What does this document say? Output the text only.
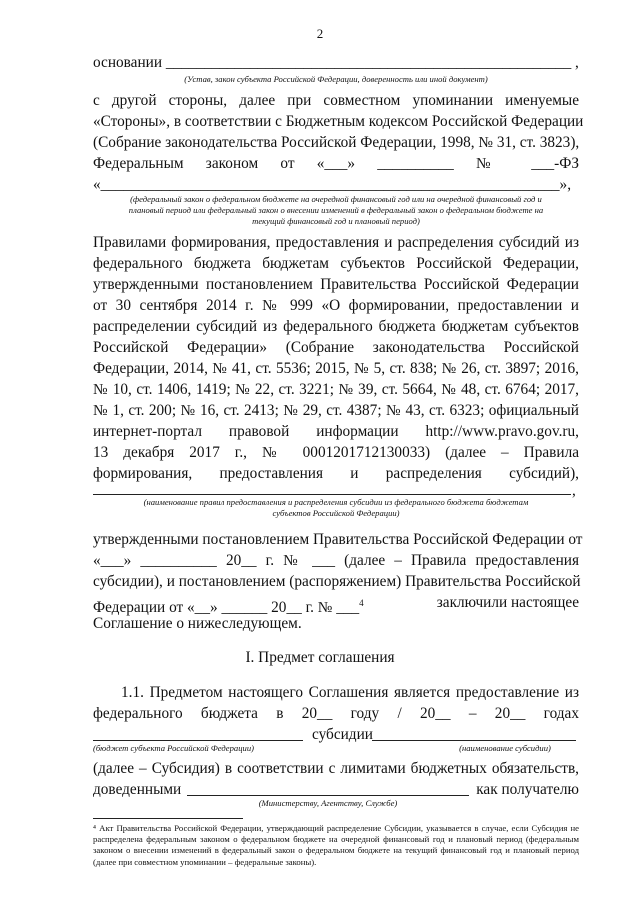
2
основании _____________________________________________________ ,
(Устав, закон субъекта Российской Федерации, доверенность или иной документ)
с другой стороны, далее при совместном упоминании именуемые
«Стороны», в соответствии с Бюджетным кодексом Российской Федерации
(Собрание законодательства Российской Федерации, 1998, № 31, ст. 3823),
Федеральным законом от «___» __________ № ___-ФЗ
«____________________________________________________________»,
(федеральный закон о федеральном бюджете на очередной финансовый год или на очередной финансовый год и
плановый период или федеральный закон о внесении изменений в федеральный закон о федеральном бюджете на
текущий финансовый год и плановый период)
Правилами формирования, предоставления и распределения субсидий из
федерального бюджета бюджетам субъектов Российской Федерации,
утвержденными постановлением Правительства Российской Федерации
от 30 сентября 2014 г. № 999 «О формировании, предоставлении и
распределении субсидий из федерального бюджета бюджетам субъектов
Российской Федерации» (Собрание законодательства Российской
Федерации, 2014, № 41, ст. 5536; 2015, № 5, ст. 838; № 26, ст. 3897; 2016,
№ 10, ст. 1406, 1419; № 22, ст. 3221; № 39, ст. 5664, № 48, ст. 6764; 2017,
№ 1, ст. 200; № 16, ст. 2413; № 29, ст. 4387; № 43, ст. 6323; официальный
интернет-портал правовой информации http://www.pravo.gov.ru,
13 декабря 2017 г., № 0001201712130033) (далее – Правила
формирования, предоставления и распределения субсидий),
,
(наименование правил предоставления и распределения субсидии из федерального бюджета бюджетам
субъектов Российской Федерации)
утвержденными постановлением Правительства Российской Федерации от
«___» __________ 20__ г. № ___ (далее – Правила предоставления
субсидии), и постановлением (распоряжением) Правительства Российской
Федерации от «__» ______ 20__ г. № ___$^4$	заключили настоящее
Соглашение о нижеследующем.
I. Предмет соглашения
1.1. Предметом настоящего Соглашения является предоставление из
федерального бюджета в 20__ году / 20__ – 20__ годах
субсидии
(бюджет субъекта Российской Федерации)	(наименование субсидии)
(далее – Субсидия) в соответствии с лимитами бюджетных обязательств,
доведенными	как получателю
(Министерству, Агентству, Службе)
⁴ Акт Правительства Российской Федерации, утверждающий распределение Субсидии, указывается в случае, если Субсидия не распределена федеральным законом о федеральном бюджете на очередной финансовый год и плановый период (федеральным законом о внесении изменений в федеральный закон о федеральном бюджете на текущий финансовый год и плановый период (далее при совместном упоминании – федеральные законы).
